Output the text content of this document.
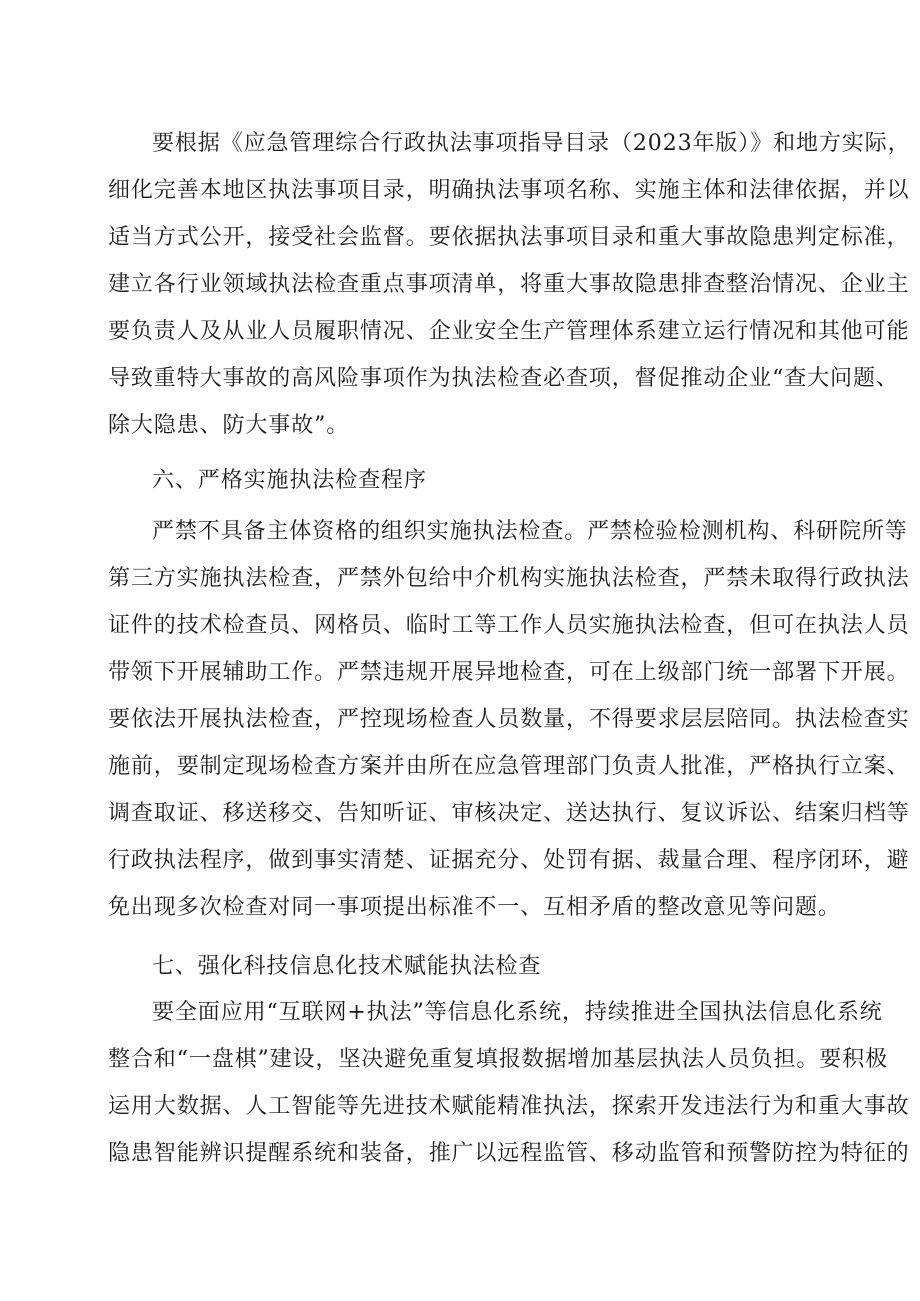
要根据《应急管理综合行政执法事项指导目录（2023年版）》和地方实际，
细化完善本地区执法事项目录，明确执法事项名称、实施主体和法律依据，并以
适当方式公开，接受社会监督。要依据执法事项目录和重大事故隐患判定标准，
建立各行业领域执法检查重点事项清单，将重大事故隐患排查整治情况、企业主
要负责人及从业人员履职情况、企业安全生产管理体系建立运行情况和其他可能
导致重特大事故的高风险事项作为执法检查必查项，督促推动企业“查大问题、
除大隐患、防大事故”。
六、严格实施执法检查程序
严禁不具备主体资格的组织实施执法检查。严禁检验检测机构、科研院所等
第三方实施执法检查，严禁外包给中介机构实施执法检查，严禁未取得行政执法
证件的技术检查员、网格员、临时工等工作人员实施执法检查，但可在执法人员
带领下开展辅助工作。严禁违规开展异地检查，可在上级部门统一部署下开展。
要依法开展执法检查，严控现场检查人员数量，不得要求层层陪同。执法检查实
施前，要制定现场检查方案并由所在应急管理部门负责人批准，严格执行立案、
调查取证、移送移交、告知听证、审核决定、送达执行、复议诉讼、结案归档等
行政执法程序，做到事实清楚、证据充分、处罚有据、裁量合理、程序闭环，避
免出现多次检查对同一事项提出标准不一、互相矛盾的整改意见等问题。
七、强化科技信息化技术赋能执法检查
要全面应用“互联网+执法”等信息化系统，持续推进全国执法信息化系统
整合和“一盘棋”建设，坚决避免重复填报数据增加基层执法人员负担。要积极
运用大数据、人工智能等先进技术赋能精准执法，探索开发违法行为和重大事故
隐患智能辨识提醒系统和装备，推广以远程监管、移动监管和预警防控为特征的
